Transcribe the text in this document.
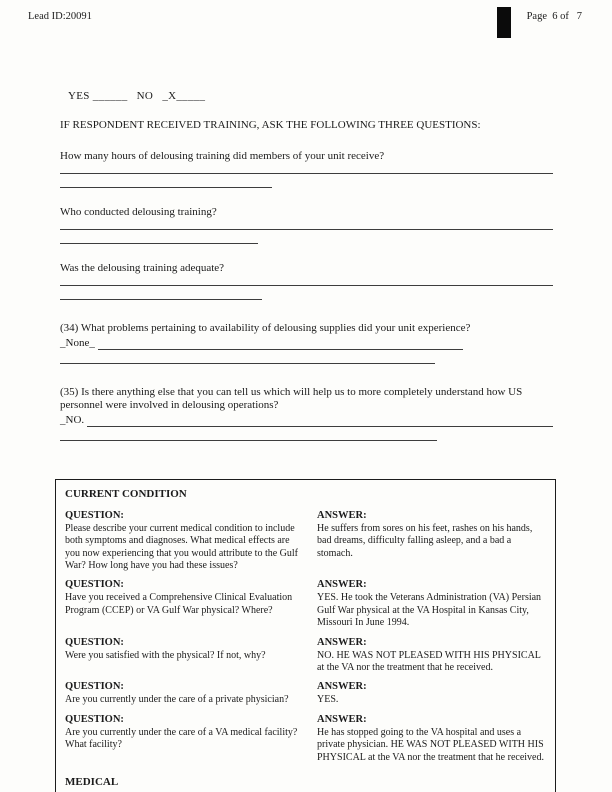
Lead ID:20091	Page  6 of   7
YES ______   NO   _X_____
IF RESPONDENT RECEIVED TRAINING, ASK THE FOLLOWING THREE QUESTIONS:
How many hours of delousing training did members of your unit receive?
Who conducted delousing training?
Was the delousing training adequate?
(34) What problems pertaining to availability of delousing supplies did your unit experience?
_None_
(35) Is there anything else that you can tell us which will help us to more completely understand how US personnel were involved in delousing operations?
_NO.
CURRENT CONDITION
QUESTION:
Please describe your current medical condition to include both symptoms and diagnoses. What medical effects are you now experiencing that you would attribute to the Gulf War? How long have you had these issues?
ANSWER:
He suffers from sores on his feet, rashes on his hands, bad dreams, difficulty falling asleep, and a bad a stomach.
QUESTION:
Have you received a Comprehensive Clinical Evaluation Program (CCEP) or VA Gulf War physical? Where?
ANSWER:
YES. He took the Veterans Administration (VA) Persian Gulf War physical at the VA Hospital in Kansas City, Missouri In June 1994.
QUESTION:
Were you satisfied with the physical? If not, why?
ANSWER:
NO. HE WAS NOT PLEASED WITH HIS PHYSICAL at the VA nor the treatment that he received.
QUESTION:
Are you currently under the care of a private physician?
ANSWER:
YES.
QUESTION:
Are you currently under the care of a VA medical facility? What facility?
ANSWER:
He has stopped going to the VA hospital and uses a private physician. HE WAS NOT PLEASED WITH HIS PHYSICAL at the VA nor the treatment that he received.
MEDICAL
